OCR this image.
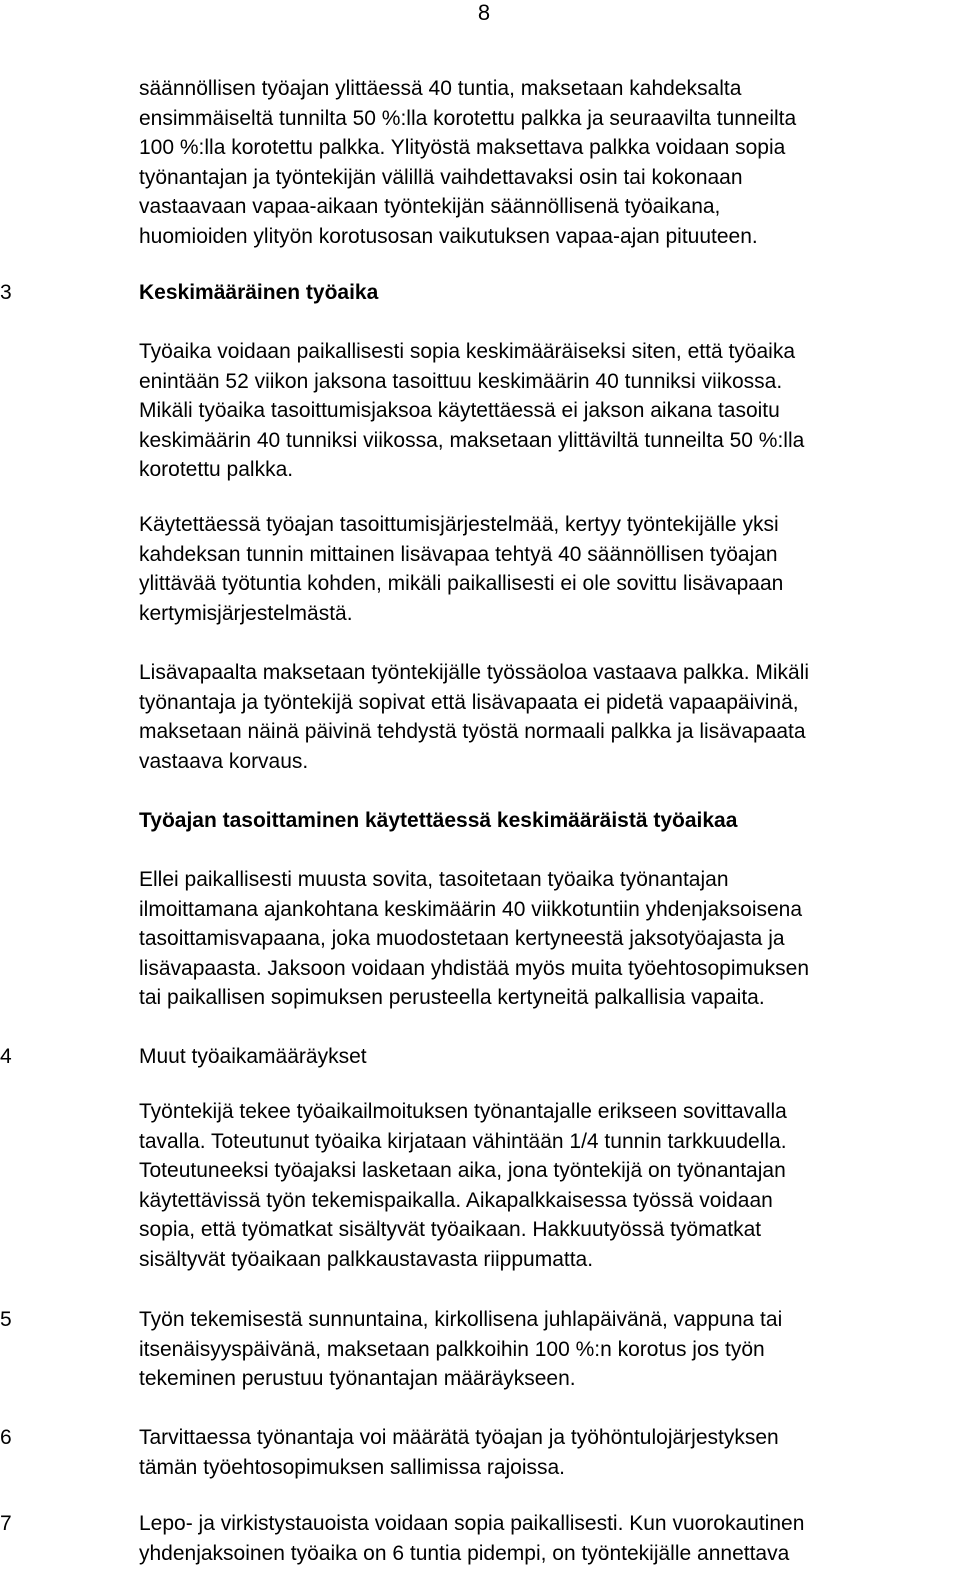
8
säännöllisen työajan ylittäessä 40 tuntia, maksetaan kahdeksalta
ensimmäiseltä tunnilta 50 %:lla korotettu palkka ja seuraavilta tunneilta
100 %:lla korotettu palkka. Ylityöstä maksettava palkka voidaan sopia
työnantajan ja työntekijän välillä vaihdettavaksi osin tai kokonaan
vastaavaan vapaa-aikaan työntekijän säännöllisenä työaikana,
huomioiden ylityön korotusosan vaikutuksen vapaa-ajan pituuteen.
3	Keskimääräinen työaika
Työaika voidaan paikallisesti sopia keskimääräiseksi siten, että työaika
enintään 52 viikon jaksona tasoittuu keskimäärin 40 tunniksi viikossa.
Mikäli työaika tasoittumisjaksoa käytettäessä ei jakson aikana tasoitu
keskimäärin 40 tunniksi viikossa, maksetaan ylittäviltä tunneilta 50 %:lla
korotettu palkka.
Käytettäessä työajan tasoittumisjärjestelmää, kertyy työntekijälle yksi
kahdeksan tunnin mittainen lisävapaa tehtyä 40 säännöllisen työajan
ylittävää työtuntia kohden, mikäli paikallisesti ei ole sovittu lisävapaan
kertymisjärjestelmästä.
Lisävapaalta maksetaan työntekijälle työssäoloa vastaava palkka. Mikäli
työnantaja ja työntekijä sopivat että lisävapaata ei pidetä vapaapäivinä,
maksetaan näinä päivinä tehdystä työstä normaali palkka ja lisävapaata
vastaava korvaus.
Työajan tasoittaminen käytettäessä keskimääräistä työaikaa
Ellei paikallisesti muusta sovita, tasoitetaan työaika työnantajan
ilmoittamana ajankohtana keskimäärin 40 viikkotuntiin yhdenjaksoisena
tasoittamisvapaana, joka muodostetaan kertyneestä jaksotyöajasta ja
lisävapaasta. Jaksoon voidaan yhdistää myös muita työehtosopimuksen
tai paikallisen sopimuksen perusteella kertyneitä palkallisia vapaita.
4	Muut työaikamääräykset
Työntekijä tekee työaikailmoituksen työnantajalle erikseen sovittavalla
tavalla. Toteutunut työaika kirjataan vähintään 1/4 tunnin tarkkuudella.
Toteutuneeksi työajaksi lasketaan aika, jona työntekijä on työnantajan
käytettävissä työn tekemispaikalla. Aikapalkkaisessa työssä voidaan
sopia, että työmatkat sisältyvät työaikaan. Hakkuutyössä työmatkat
sisältyvät työaikaan palkkaustavasta riippumatta.
5	Työn tekemisestä sunnuntaina, kirkollisena juhlapäivänä, vappuna tai
itsenäisyyspäivänä, maksetaan palkkoihin 100 %:n korotus jos työn
tekeminen perustuu työnantajan määräykseen.
6	Tarvittaessa työnantaja voi määrätä työajan ja työhöntulojärjestyksen
tämän työehtosopimuksen sallimissa rajoissa.
7	Lepo- ja virkistystauoista voidaan sopia paikallisesti. Kun vuorokautinen
yhdenjaksoinen työaika on 6 tuntia pidempi, on työntekijälle annettava
